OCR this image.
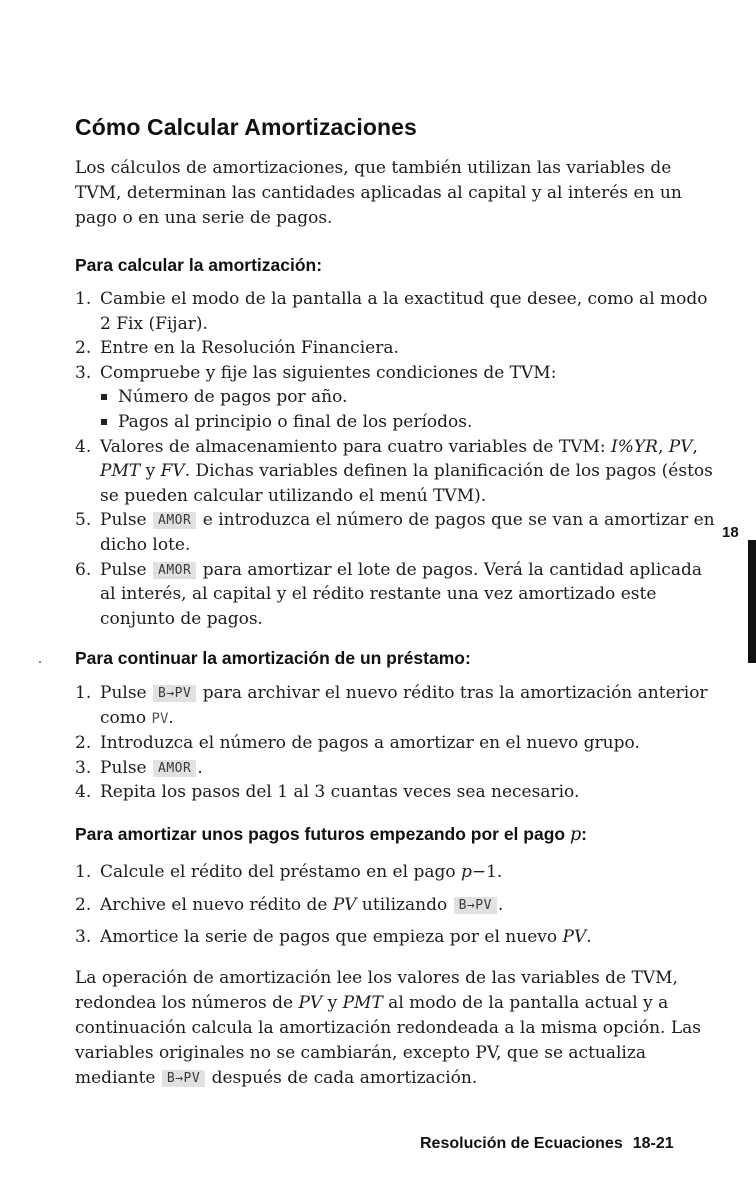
Cómo Calcular Amortizaciones

Los cálculos de amortizaciones, que también utilizan las variables de TVM, determinan las cantidades aplicadas al capital y al interés en un pago o en una serie de pagos.

Para calcular la amortización:
1. Cambie el modo de la pantalla a la exactitud que desee, como al modo 2 Fix (Fijar).
2. Entre en la Resolución Financiera.
3. Compruebe y fije las siguientes condiciones de TVM:
Número de pagos por año.
Pagos al principio o final de los períodos.
4. Valores de almacenamiento para cuatro variables de TVM: I%YR, PV, PMT y FV. Dichas variables definen la planificación de los pagos (éstos se pueden calcular utilizando el menú TVM).
5. Pulse AMOR e introduzca el número de pagos que se van a amortizar en dicho lote.
6. Pulse AMOR para amortizar el lote de pagos. Verá la cantidad aplicada al interés, al capital y el rédito restante una vez amortizado este conjunto de pagos.
Para continuar la amortización de un préstamo:
1. Pulse B→PV para archivar el nuevo rédito tras la amortización anterior como PV.
2. Introduzca el número de pagos a amortizar en el nuevo grupo.
3. Pulse AMOR .
4. Repita los pasos del 1 al 3 cuantas veces sea necesario.
Para amortizar unos pagos futuros empezando por el pago p:
1. Calcule el rédito del préstamo en el pago p−1.
2. Archive el nuevo rédito de PV utilizando B→PV .
3. Amortice la serie de pagos que empieza por el nuevo PV.

La operación de amortización lee los valores de las variables de TVM, redondea los números de PV y PMT al modo de la pantalla actual y a continuación calcula la amortización redondeada a la misma opción. Las variables originales no se cambiarán, excepto PV, que se actualiza mediante B→PV después de cada amortización.

18
Resolución de Ecuaciones 18-21
